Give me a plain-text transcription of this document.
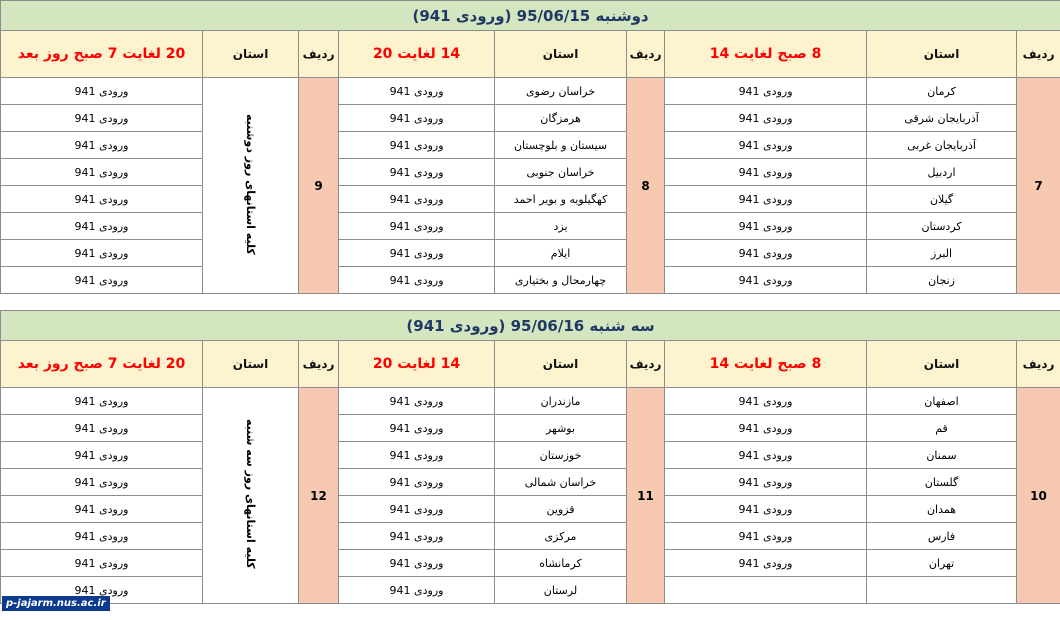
دوشنبه 95/06/15 (ورودی 941)								
ردیف	استان	8 صبح لغایت 14	ردیف	استان	14 لغایت 20	ردیف	استان	20 لغایت 7 صبح روز بعد
7	کرمان	ورودی 941	8	خراسان رضوی	ورودی 941	9	کلیه استانهای روز دوشنبه	ورودی 941
	آذربایجان شرقی	ورودی 941		هرمزگان	ورودی 941			ورودی 941
	آذربایجان غربی	ورودی 941		سیستان و بلوچستان	ورودی 941			ورودی 941
	اردبیل	ورودی 941		خراسان جنوبی	ورودی 941			ورودی 941
	گیلان	ورودی 941		کهگیلویه و بویر احمد	ورودی 941			ورودی 941
	کردستان	ورودی 941		یزد	ورودی 941			ورودی 941
	البرز	ورودی 941		ایلام	ورودی 941			ورودی 941
	زنجان	ورودی 941		چهارمحال و بختیاری	ورودی 941			ورودی 941
سه شنبه 95/06/16 (ورودی 941)								
ردیف	استان	8 صبح لغایت 14	ردیف	استان	14 لغایت 20	ردیف	استان	20 لغایت 7 صبح روز بعد
10	اصفهان	ورودی 941	11	مازندران	ورودی 941	12	کلیه استانهای روز سه شنبه	ورودی 941
	قم	ورودی 941		بوشهر	ورودی 941			ورودی 941
	سمنان	ورودی 941		خوزستان	ورودی 941			ورودی 941
	گلستان	ورودی 941		خراسان شمالی	ورودی 941			ورودی 941
	همدان	ورودی 941		قزوین	ورودی 941			ورودی 941
	فارس	ورودی 941		مرکزی	ورودی 941			ورودی 941
	تهران	ورودی 941		کرمانشاه	ورودی 941			ورودی 941
				لرستان	ورودی 941			ورودی 941
p-jajarm.nus.ac.ir
